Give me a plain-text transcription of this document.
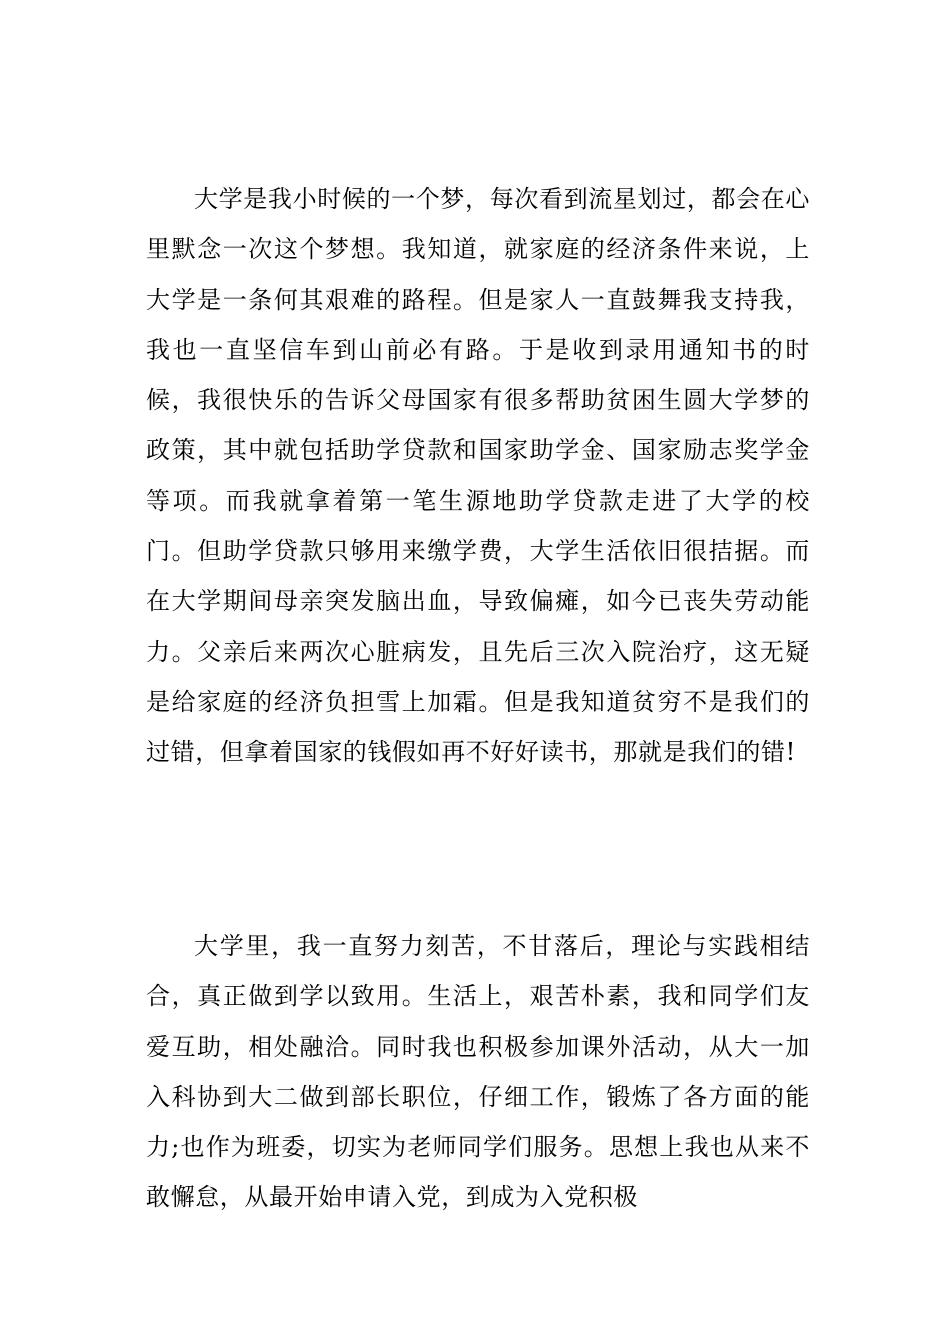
大学是我小时候的一个梦，每次看到流星划过，都会在心里默念一次这个梦想。我知道，就家庭的经济条件来说，上大学是一条何其艰难的路程。但是家人一直鼓舞我支持我，我也一直坚信车到山前必有路。于是收到录用通知书的时候，我很快乐的告诉父母国家有很多帮助贫困生圆大学梦的政策，其中就包括助学贷款和国家助学金、国家励志奖学金等项。而我就拿着第一笔生源地助学贷款走进了大学的校门。但助学贷款只够用来缴学费，大学生活依旧很拮据。而在大学期间母亲突发脑出血，导致偏瘫，如今已丧失劳动能力。父亲后来两次心脏病发，且先后三次入院治疗，这无疑是给家庭的经济负担雪上加霜。但是我知道贫穷不是我们的过错，但拿着国家的钱假如再不好好读书，那就是我们的错!

大学里，我一直努力刻苦，不甘落后，理论与实践相结合，真正做到学以致用。生活上，艰苦朴素，我和同学们友爱互助，相处融洽。同时我也积极参加课外活动，从大一加入科协到大二做到部长职位，仔细工作，锻炼了各方面的能力;也作为班委，切实为老师同学们服务。思想上我也从来不敢懈怠，从最开始申请入党，到成为入党积极
